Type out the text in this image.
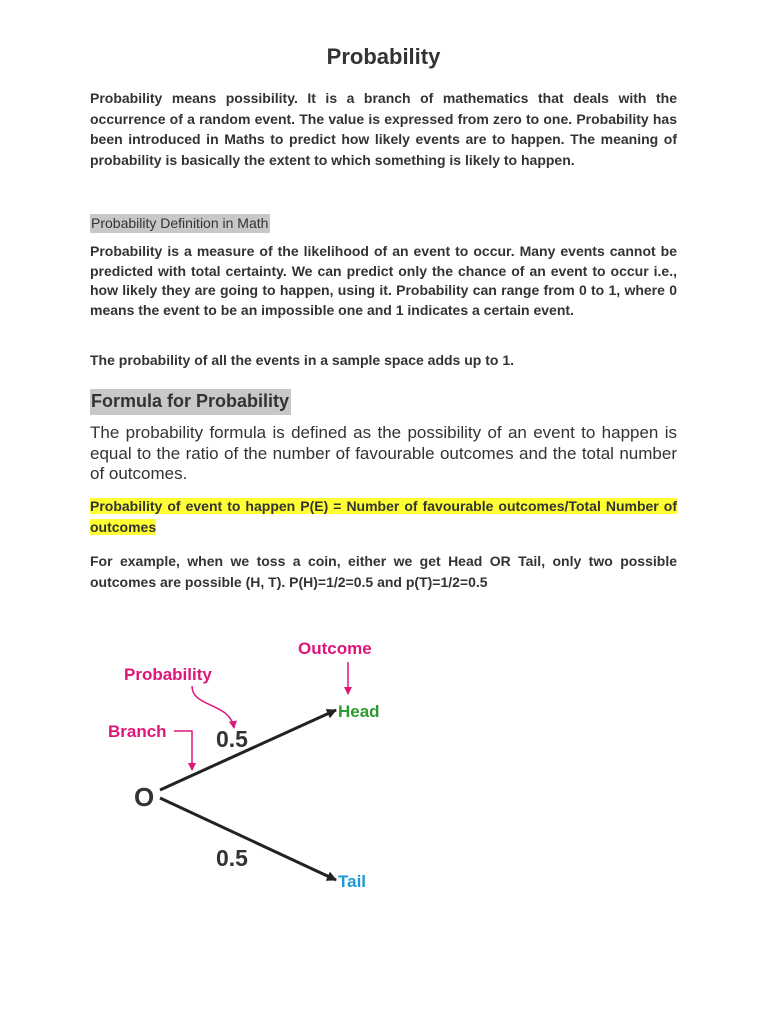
Probability

Probability means possibility. It is a branch of mathematics that deals with the occurrence of a random event. The value is expressed from zero to one. Probability has been introduced in Maths to predict how likely events are to happen. The meaning of probability is basically the extent to which something is likely to happen.

Probability Definition in Math

Probability is a measure of the likelihood of an event to occur. Many events cannot be predicted with total certainty. We can predict only the chance of an event to occur i.e., how likely they are going to happen, using it. Probability can range from 0 to 1, where 0 means the event to be an impossible one and 1 indicates a certain event.

The probability of all the events in a sample space adds up to 1.

Formula for Probability

The probability formula is defined as the possibility of an event to happen is equal to the ratio of the number of favourable outcomes and the total number of outcomes.

Probability of event to happen P(E) = Number of favourable outcomes/Total Number of outcomes

For example, when we toss a coin, either we get Head OR Tail, only two possible outcomes are possible (H, T). P(H)=1/2=0.5 and p(T)=1/2=0.5

Outcome
Probability
Branch 0.5
O
Head
Tail
0.5
